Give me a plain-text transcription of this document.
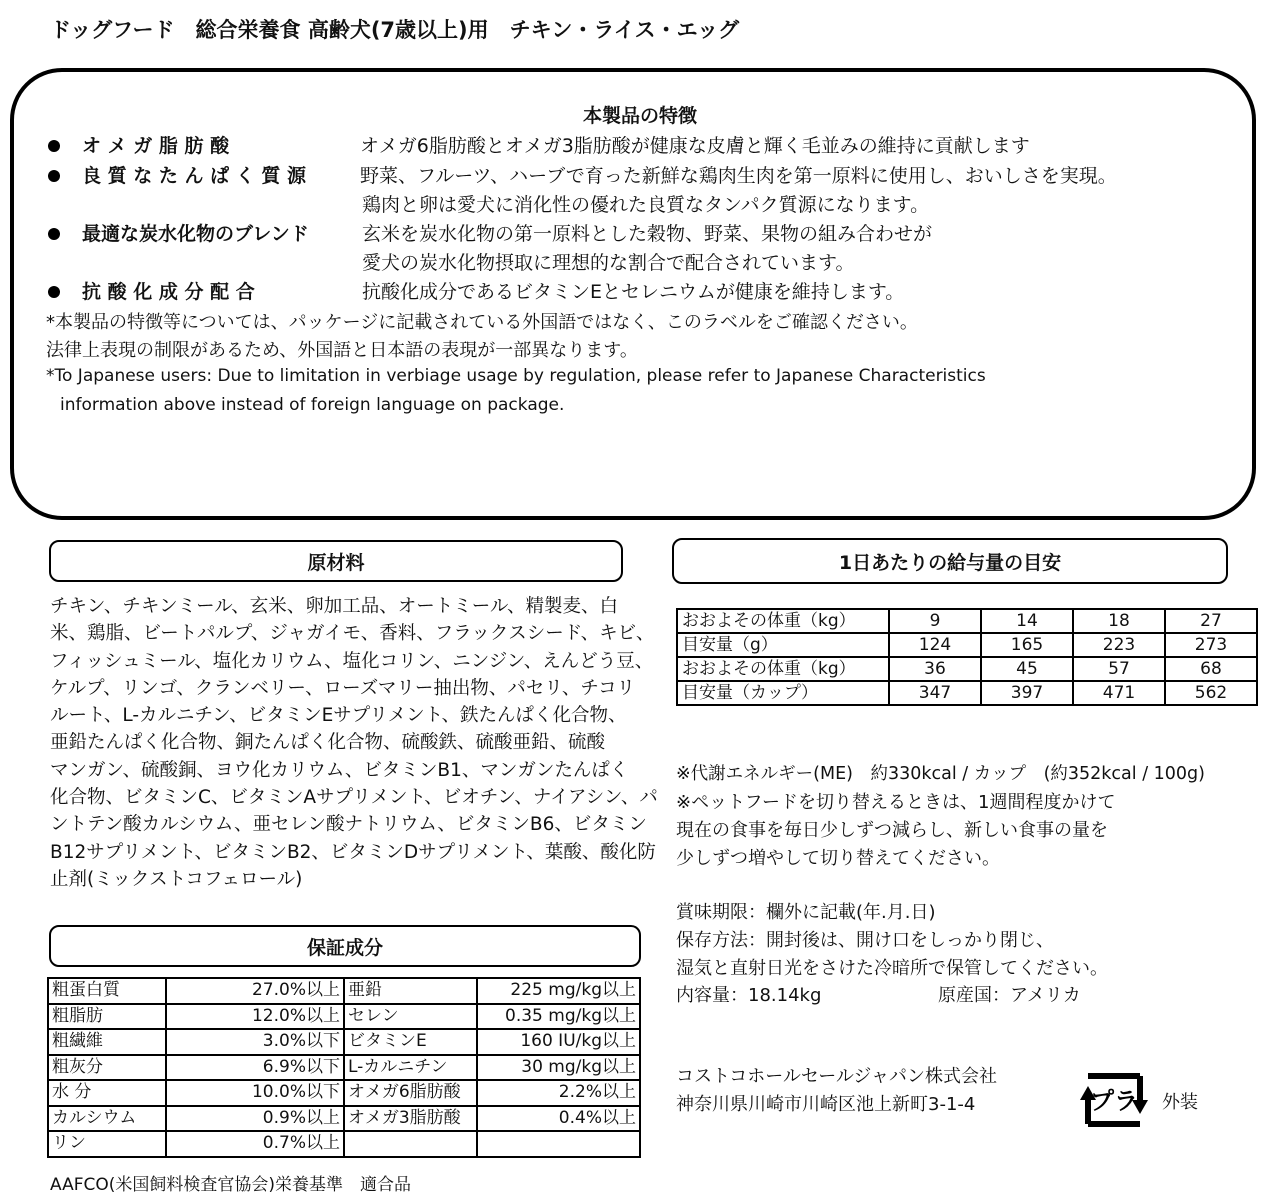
ドッグフード　総合栄養食 高齢犬(7歳以上)用　チキン・ライス・エッグ
本製品の特徴
オ メ ガ 脂 肪 酸	オメガ6脂肪酸とオメガ3脂肪酸が健康な皮膚と輝く毛並みの維持に貢献します
良 質 な た ん ぱ く 質 源	野菜、フルーツ、ハーブで育った新鮮な鶏肉生肉を第一原料に使用し、おいしさを実現。
鶏肉と卵は愛犬に消化性の優れた良質なタンパク質源になります。
最適な炭水化物のブレンド	玄米を炭水化物の第一原料とした穀物、野菜、果物の組み合わせが
愛犬の炭水化物摂取に理想的な割合で配合されています。
抗 酸 化 成 分 配 合	抗酸化成分であるビタミンEとセレニウムが健康を維持します。
*本製品の特徴等については、パッケージに記載されている外国語ではなく、このラベルをご確認ください。
法律上表現の制限があるため、外国語と日本語の表現が一部異なります。
*To Japanese users: Due to limitation in verbiage usage by regulation, please refer to Japanese Characteristics
information above instead of foreign language on package.
原材料
チキン、チキンミール、玄米、卵加工品、オートミール、精製麦、白
米、鶏脂、ビートパルプ、ジャガイモ、香料、フラックスシード、キビ、
フィッシュミール、塩化カリウム、塩化コリン、ニンジン、えんどう豆、
ケルプ、リンゴ、クランベリー、ローズマリー抽出物、パセリ、チコリ
ルート、L-カルニチン、ビタミンEサプリメント、鉄たんぱく化合物、
亜鉛たんぱく化合物、銅たんぱく化合物、硫酸鉄、硫酸亜鉛、硫酸
マンガン、硫酸銅、ヨウ化カリウム、ビタミンB1、マンガンたんぱく
化合物、ビタミンC、ビタミンAサプリメント、ビオチン、ナイアシン、パ
ントテン酸カルシウム、亜セレン酸ナトリウム、ビタミンB6、ビタミン
B12サプリメント、ビタミンB2、ビタミンDサプリメント、葉酸、酸化防
止剤(ミックストコフェロール)
保証成分
粗蛋白質	27.0%以上	亜鉛	225 mg/kg以上
粗脂肪	12.0%以上	セレン	0.35 mg/kg以上
粗繊維	3.0%以下	ビタミンE	160 IU/kg以上
粗灰分	6.9%以下	L-カルニチン	30 mg/kg以上
水 分	10.0%以下	オメガ6脂肪酸	2.2%以上
カルシウム	0.9%以上	オメガ3脂肪酸	0.4%以上
リン	0.7%以上		
AAFCO(米国飼料検査官協会)栄養基準　適合品
1日あたりの給与量の目安
おおよその体重（kg）	9	14	18	27
目安量（g）	124	165	223	273
おおよその体重（kg）	36	45	57	68
目安量（カップ）	347	397	471	562
※代謝エネルギー(ME)　約330kcal / カップ　(約352kcal / 100g)
※ペットフードを切り替えるときは、1週間程度かけて
現在の食事を毎日少しずつ減らし、新しい食事の量を
少しずつ増やして切り替えてください。
賞味期限：欄外に記載(年.月.日)
保存方法：開封後は、開け口をしっかり閉じ、
湿気と直射日光をさけた冷暗所で保管してください。
内容量：18.14kg	原産国：アメリカ
コストコホールセールジャパン株式会社
神奈川県川崎市川崎区池上新町3-1-4	プラ 外装
